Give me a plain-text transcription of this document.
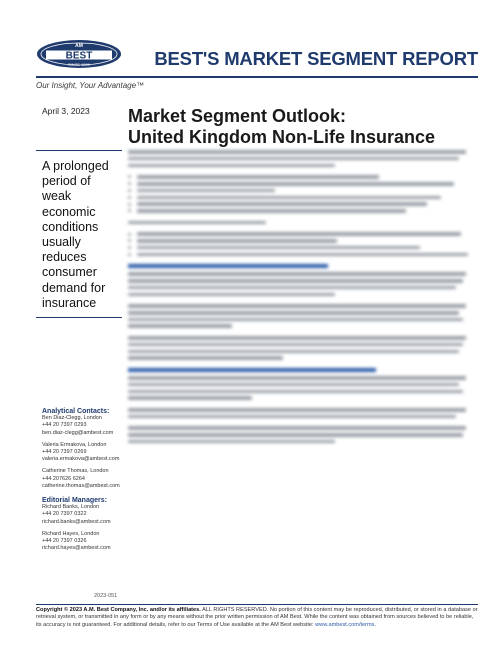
BEST
AM
SINCE 1899	BEST'S MARKET SEGMENT REPORT
Our Insight, Your Advantage™
April 3, 2023 Market Segment Outlook:
United Kingdom Non-Life Insurance
A prolonged period of weak economic conditions usually reduces consumer demand for insurance
Analytical Contacts:
Ben Diaz-Clegg, London
+44 20 7397 0293
ben.diaz-clegg@ambest.com
Valeria Ermakova, London
+44 20 7397 0269
valeria.ermakova@ambest.com
Catherine Thomas, London
+44 207626 6264
catherine.thomas@ambest.com
Editorial Managers:
Richard Banks, London
+44 20 7397 0322
richard.banks@ambest.com
Richard Hayes, London
+44 20 7397 0326
richard.hayes@ambest.com
2023-051
Copyright © 2023 A.M. Best Company, Inc. and/or its affiliates. ALL RIGHTS RESERVED. No portion of this content may be reproduced, distributed, or stored in a database or retrieval system, or transmitted in any form or by any means without the prior written permission of AM Best. While the content was obtained from sources believed to be reliable, its accuracy is not guaranteed. For additional details, refer to our Terms of Use available at the AM Best website: www.ambest.com/terms.
